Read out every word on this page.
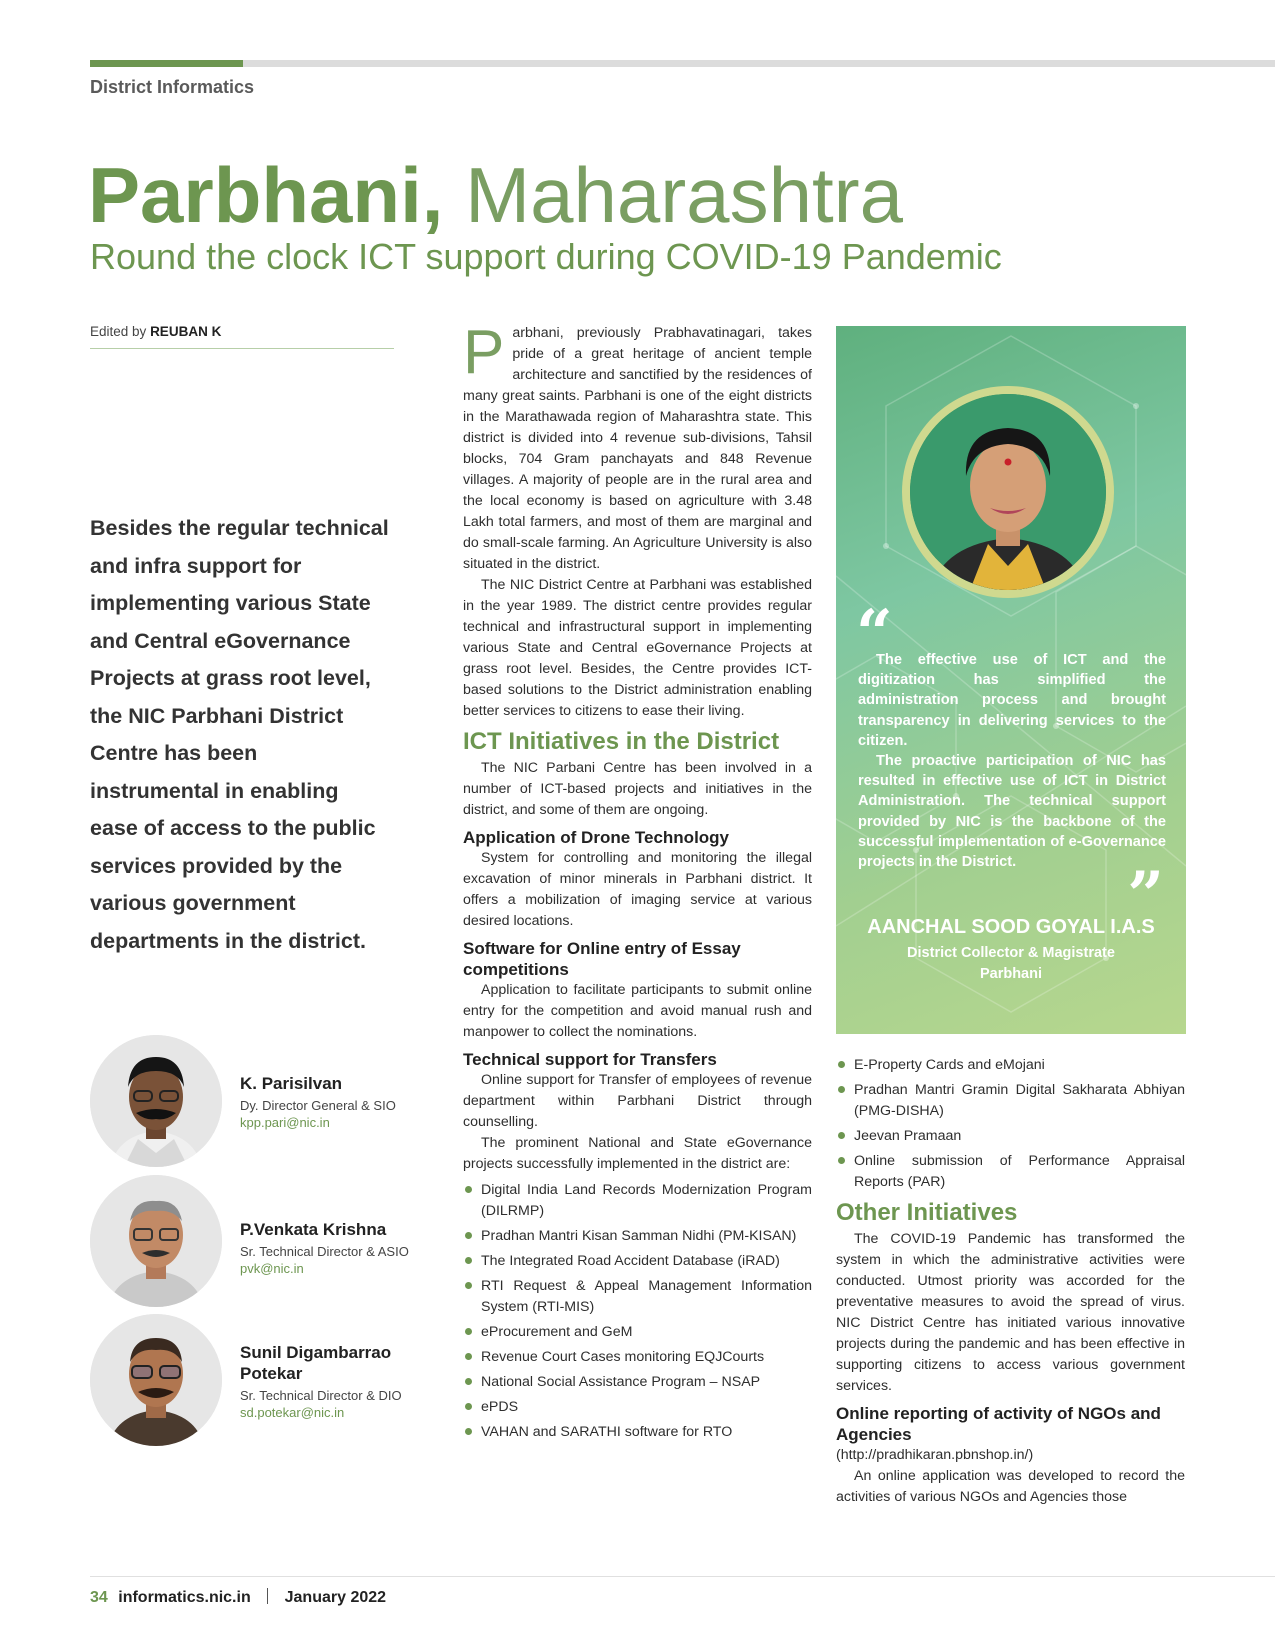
District Informatics
Parbhani, Maharashtra
Round the clock ICT support during COVID-19 Pandemic
Edited by REUBAN K
Besides the regular technical and infra support for implementing various State and Central eGovernance Projects at grass root level, the NIC Parbhani District Centre has been instrumental in enabling ease of access to the public services provided by the various government departments in the district.
K. Parisilvan
Dy. Director General & SIO
kpp.pari@nic.in
P.Venkata Krishna
Sr. Technical Director & ASIO
pvk@nic.in
Sunil Digambarrao Potekar
Sr. Technical Director & DIO
sd.potekar@nic.in

Parbhani, previously Prabhavatinagari, takes pride of a great heritage of ancient temple architecture and sanctified by the residences of many great saints. Parbhani is one of the eight districts in the Marathawada region of Maharashtra state. This district is divided into 4 revenue sub-divisions, Tahsil blocks, 704 Gram panchayats and 848 Revenue villages. A majority of people are in the rural area and the local economy is based on agriculture with 3.48 Lakh total farmers, and most of them are marginal and do small-scale farming. An Agriculture University is also situated in the district.

The NIC District Centre at Parbhani was established in the year 1989. The district centre provides regular technical and infrastructural support in implementing various State and Central eGovernance Projects at grass root level. Besides, the Centre provides ICT-based solutions to the District administration enabling better services to citizens to ease their living.

ICT Initiatives in the District

The NIC Parbani Centre has been involved in a number of ICT-based projects and initiatives in the district, and some of them are ongoing.

Application of Drone Technology

System for controlling and monitoring the illegal excavation of minor minerals in Parbhani district. It offers a mobilization of imaging service at various desired locations.

Software for Online entry of Essay competitions

Application to facilitate participants to submit online entry for the competition and avoid manual rush and manpower to collect the nominations.

Technical support for Transfers

Online support for Transfer of employees of revenue department within Parbhani District through counselling.

The prominent National and State eGovernance projects successfully implemented in the district are:

Digital India Land Records Modernization Program (DILRMP)
Pradhan Mantri Kisan Samman Nidhi (PM-KISAN)
The Integrated Road Accident Database (iRAD)
RTI Request & Appeal Management Information System (RTI-MIS)
eProcurement and GeM
Revenue Court Cases monitoring EQJCourts
National Social Assistance Program – NSAP
ePDS
VAHAN and SARATHI software for RTO
“

The effective use of ICT and the digitization has simplified the administration process and brought transparency in delivering services to the citizen.

The proactive participation of NIC has resulted in effective use of ICT in District Administration. The technical support provided by NIC is the backbone of the successful implementation of e-Governance projects in the District.	”
AANCHAL SOOD GOYAL I.A.S
District Collector & Magistrate
Parbhani
E-Property Cards and eMojani
Pradhan Mantri Gramin Digital Sakharata Abhiyan (PMG-DISHA)
Jeevan Pramaan
Online submission of Performance Appraisal Reports (PAR)
Other Initiatives

The COVID-19 Pandemic has transformed the system in which the administrative activities were conducted. Utmost priority was accorded for the preventative measures to avoid the spread of virus. NIC District Centre has initiated various innovative projects during the pandemic and has been effective in supporting citizens to access various government services.

Online reporting of activity of NGOs and Agencies

(http://pradhikaran.pbnshop.in/)

An online application was developed to record the activities of various NGOs and Agencies those

34 informatics.nic.in January 2022
